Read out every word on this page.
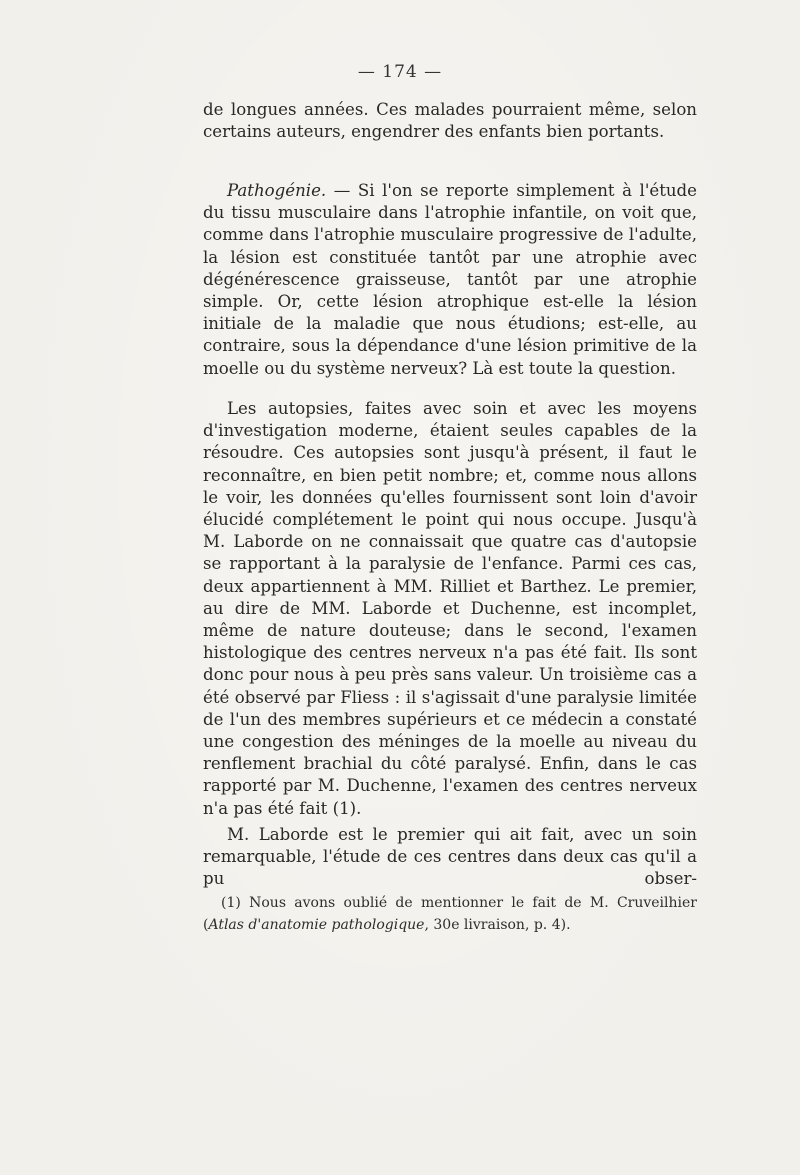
— 174 —

de longues années. Ces malades pourraient même, selon certains auteurs, engendrer des enfants bien portants.

Pathogénie. — Si l'on se reporte simplement à l'étude du tissu musculaire dans l'atrophie infantile, on voit que, comme dans l'atrophie musculaire progressive de l'adulte, la lésion est constituée tantôt par une atrophie avec dégénérescence graisseuse, tantôt par une atrophie simple. Or, cette lésion atrophique est-elle la lésion initiale de la maladie que nous étudions; est-elle, au contraire, sous la dépendance d'une lésion primitive de la moelle ou du système nerveux? Là est toute la question.

Les autopsies, faites avec soin et avec les moyens d'investigation moderne, étaient seules capables de la résoudre. Ces autopsies sont jusqu'à présent, il faut le reconnaître, en bien petit nombre; et, comme nous allons le voir, les données qu'elles fournissent sont loin d'avoir élucidé complétement le point qui nous occupe. Jusqu'à M. Laborde on ne connaissait que quatre cas d'autopsie se rapportant à la paralysie de l'enfance. Parmi ces cas, deux appartiennent à MM. Rilliet et Barthez. Le premier, au dire de MM. Laborde et Duchenne, est incomplet, même de nature douteuse; dans le second, l'examen histologique des centres nerveux n'a pas été fait. Ils sont donc pour nous à peu près sans valeur. Un troisième cas a été observé par Fliess : il s'agissait d'une paralysie limitée de l'un des membres supérieurs et ce médecin a constaté une congestion des méninges de la moelle au niveau du renflement brachial du côté paralysé. Enfin, dans le cas rapporté par M. Duchenne, l'examen des centres nerveux n'a pas été fait (1).

M. Laborde est le premier qui ait fait, avec un soin remarquable, l'étude de ces centres dans deux cas qu'il a pu obser-

(1) Nous avons oublié de mentionner le fait de M. Cruveilhier (Atlas d'anatomie pathologique, 30e livraison, p. 4).
